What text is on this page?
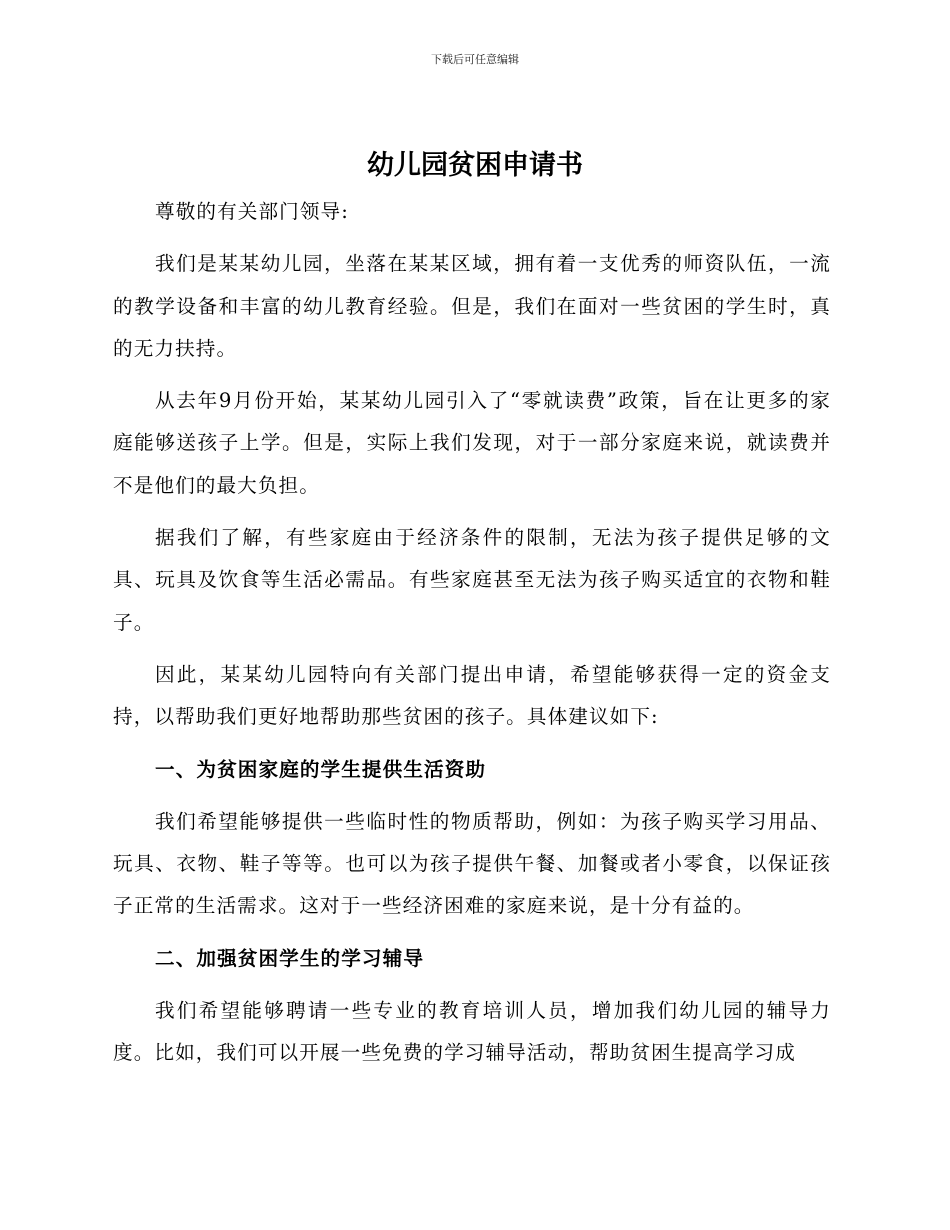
下载后可任意编辑
幼儿园贫困申请书

尊敬的有关部门领导:

我们是某某幼儿园，坐落在某某区域，拥有着一支优秀的师资队伍，一流的教学设备和丰富的幼儿教育经验。但是，我们在面对一些贫困的学生时，真的无力扶持。

从去年9月份开始，某某幼儿园引入了“零就读费”政策，旨在让更多的家庭能够送孩子上学。但是，实际上我们发现，对于一部分家庭来说，就读费并不是他们的最大负担。

据我们了解，有些家庭由于经济条件的限制，无法为孩子提供足够的文具、玩具及饮食等生活必需品。有些家庭甚至无法为孩子购买适宜的衣物和鞋子。

因此，某某幼儿园特向有关部门提出申请，希望能够获得一定的资金支持，以帮助我们更好地帮助那些贫困的孩子。具体建议如下:

一、为贫困家庭的学生提供生活资助

我们希望能够提供一些临时性的物质帮助，例如：为孩子购买学习用品、玩具、衣物、鞋子等等。也可以为孩子提供午餐、加餐或者小零食，以保证孩子正常的生活需求。这对于一些经济困难的家庭来说，是十分有益的。

二、加强贫困学生的学习辅导

我们希望能够聘请一些专业的教育培训人员，增加我们幼儿园的辅导力度。比如，我们可以开展一些免费的学习辅导活动，帮助贫困生提高学习成
